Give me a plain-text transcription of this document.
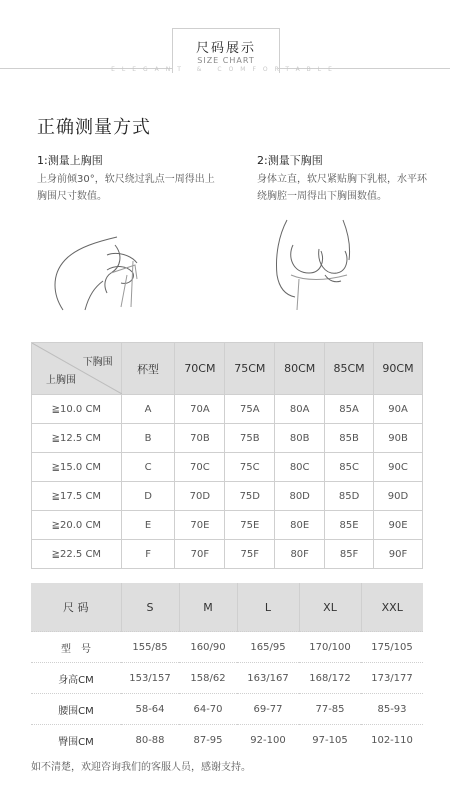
尺码展示
SIZE CHART
ELEGANT & COMFORTABLE
正确测量方式
1:测量上胸围
上身前倾30°，软尺绕过乳点一周得出上胸围尺寸数值。
2:测量下胸围
身体立直，软尺紧贴胸下乳根，水平环绕胸腔一周得出下胸围数值。
下胸围
上胸围	杯型	70CM	75CM	80CM	85CM	90CM
≧10.0 CM	A	70A	75A	80A	85A	90A
≧12.5 CM	B	70B	75B	80B	85B	90B
≧15.0 CM	C	70C	75C	80C	85C	90C
≧17.5 CM	D	70D	75D	80D	85D	90D
≧20.0 CM	E	70E	75E	80E	85E	90E
≧22.5 CM	F	70F	75F	80F	85F	90F
尺 码	S	M	L	XL	XXL
型　号	155/85	160/90	165/95	170/100	175/105
身高CM	153/157	158/62	163/167	168/172	173/177
腰围CM	58-64	64-70	69-77	77-85	85-93
臀围CM	80-88	87-95	92-100	97-105	102-110
如不清楚，欢迎咨询我们的客服人员，感谢支持。
